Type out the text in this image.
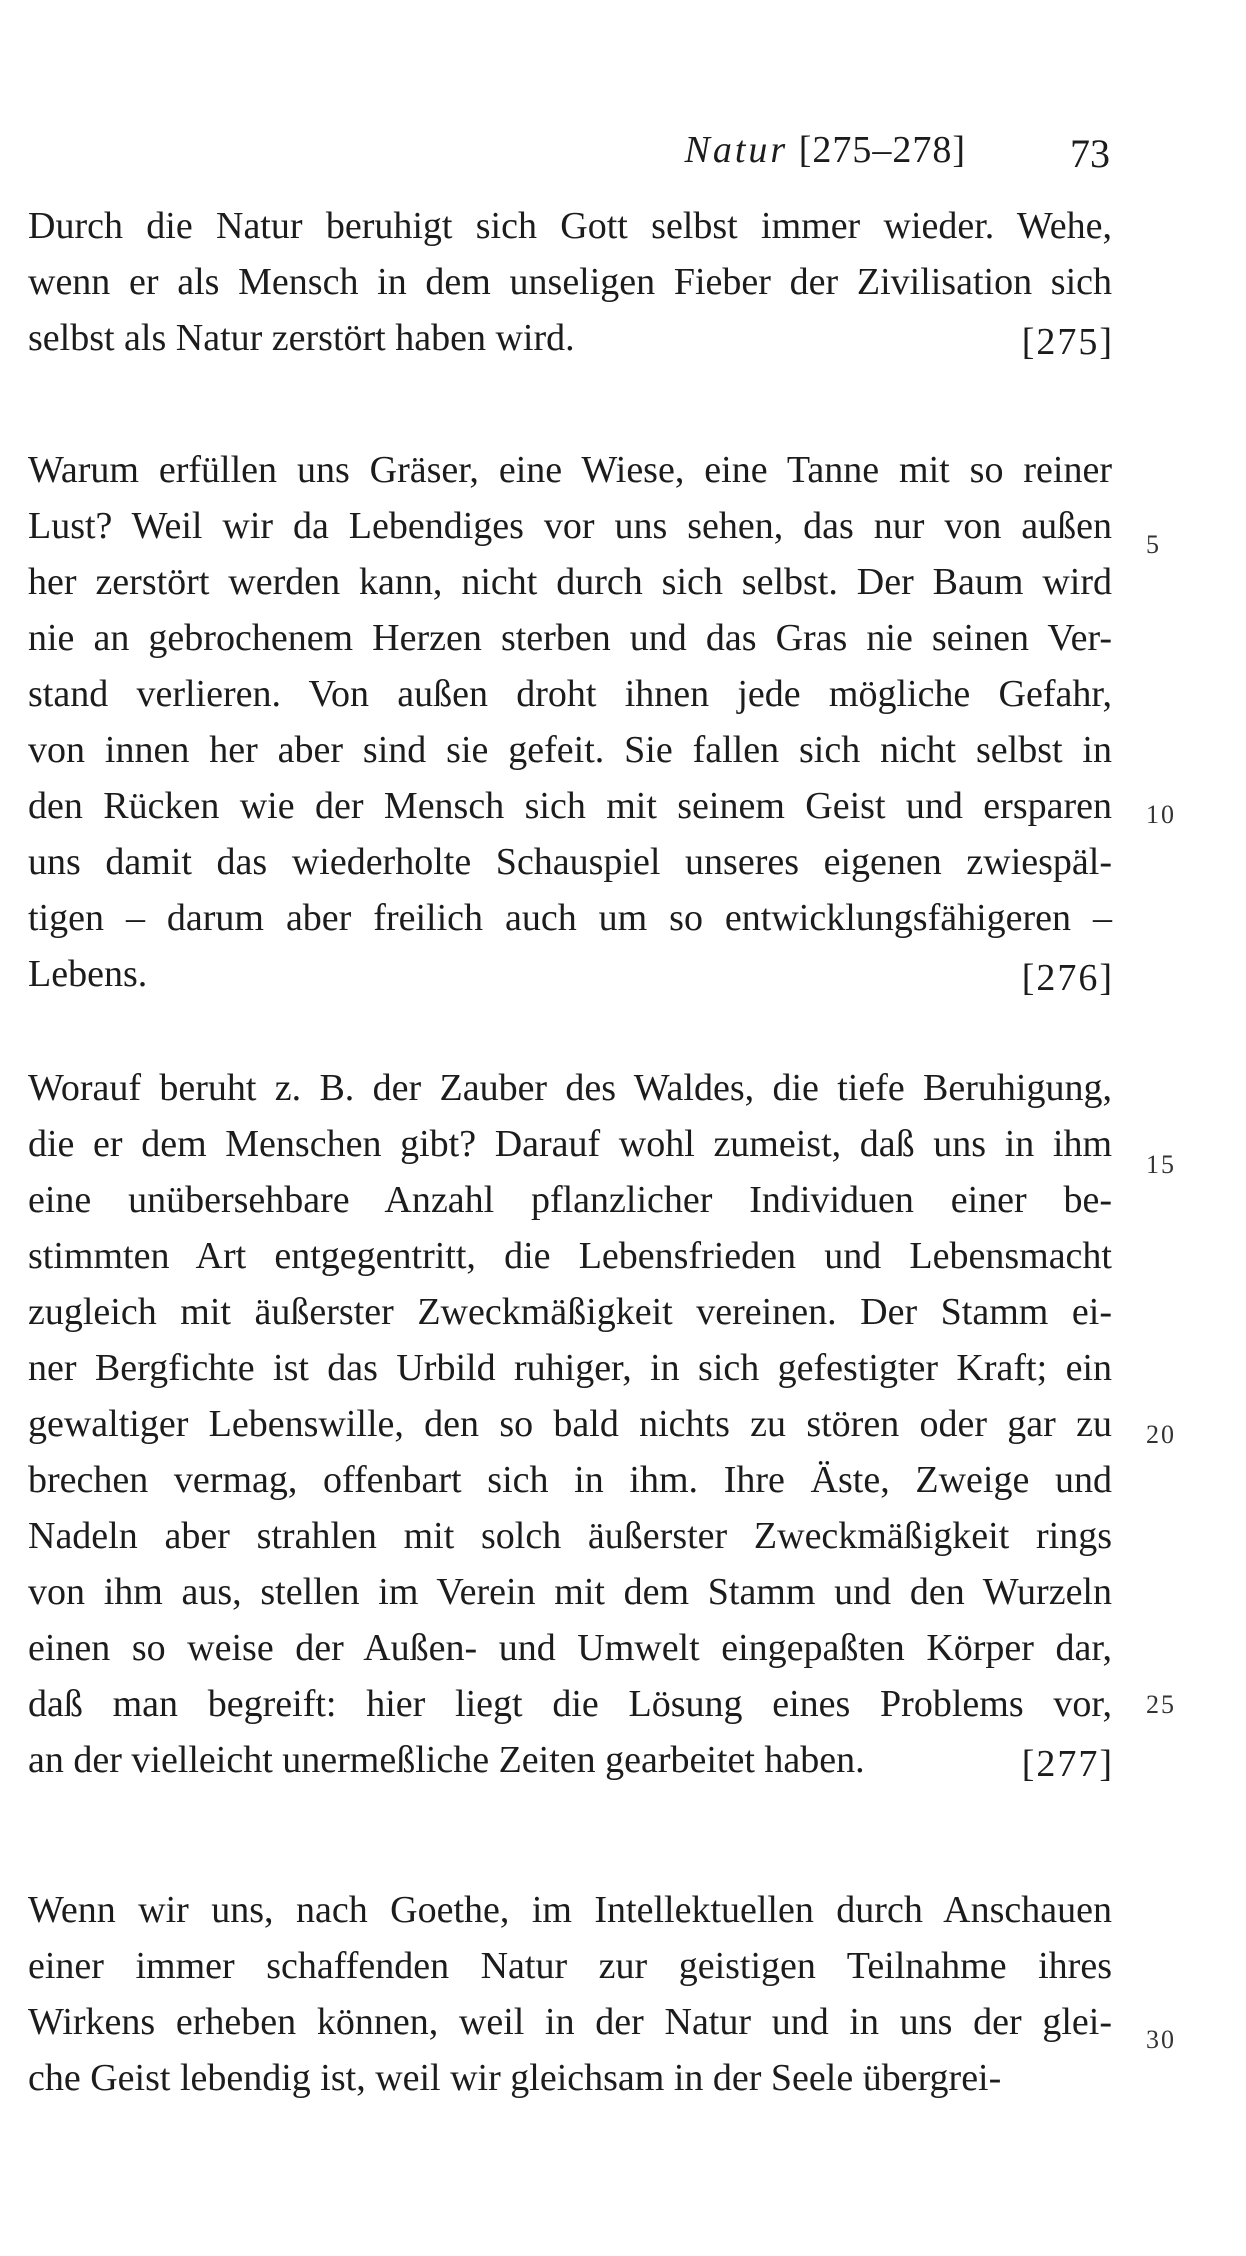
Natur [275–278]	73
Durch die Natur beruhigt sich Gott selbst immer wieder. Wehe,
wenn er als Mensch in dem unseligen Fieber der Zivilisation sich
selbst als Natur zerstört haben wird.	[275]
Warum erfüllen uns Gräser, eine Wiese, eine Tanne mit so reiner
Lust? Weil wir da Lebendiges vor uns sehen, das nur von außen
her zerstört werden kann, nicht durch sich selbst. Der Baum wird
nie an gebrochenem Herzen sterben und das Gras nie seinen Ver-
stand verlieren. Von außen droht ihnen jede mögliche Gefahr,
von innen her aber sind sie gefeit. Sie fallen sich nicht selbst in
den Rücken wie der Mensch sich mit seinem Geist und ersparen
uns damit das wiederholte Schauspiel unseres eigenen zwiespäl-
tigen – darum aber freilich auch um so entwicklungsfähigeren –
Lebens.	[276]
Worauf beruht z. B. der Zauber des Waldes, die tiefe Beruhigung,
die er dem Menschen gibt? Darauf wohl zumeist, daß uns in ihm
eine unübersehbare Anzahl pflanzlicher Individuen einer be-
stimmten Art entgegentritt, die Lebensfrieden und Lebensmacht
zugleich mit äußerster Zweckmäßigkeit vereinen. Der Stamm ei-
ner Bergfichte ist das Urbild ruhiger, in sich gefestigter Kraft; ein
gewaltiger Lebenswille, den so bald nichts zu stören oder gar zu
brechen vermag, offenbart sich in ihm. Ihre Äste, Zweige und
Nadeln aber strahlen mit solch äußerster Zweckmäßigkeit rings
von ihm aus, stellen im Verein mit dem Stamm und den Wurzeln
einen so weise der Außen- und Umwelt eingepaßten Körper dar,
daß man begreift: hier liegt die Lösung eines Problems vor,
an der vielleicht unermeßliche Zeiten gearbeitet haben.	[277]
Wenn wir uns, nach Goethe, im Intellektuellen durch Anschauen
einer immer schaffenden Natur zur geistigen Teilnahme ihres
Wirkens erheben können, weil in der Natur und in uns der glei-
che Geist lebendig ist, weil wir gleichsam in der Seele übergrei-
5
10
15
20
25
30
